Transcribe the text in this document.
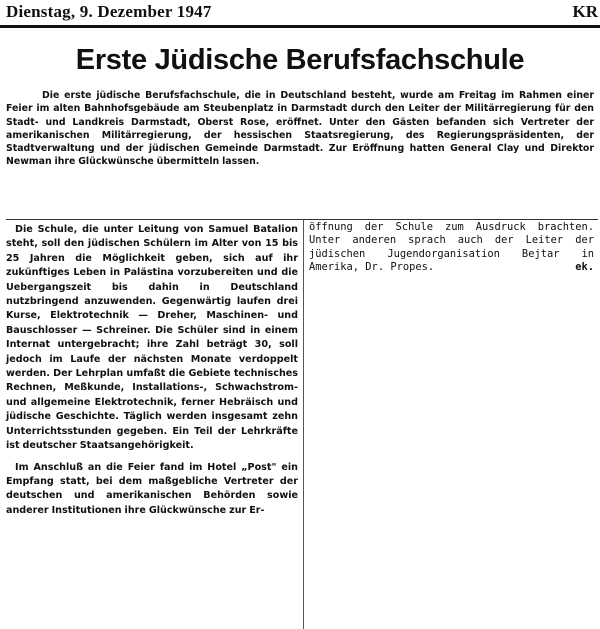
Dienstag, 9. Dezember 1947	KR
Erste Jüdische Berufsfachschule
Die erste jüdische Berufsfachschule, die in Deutschland besteht, wurde am Freitag im Rahmen einer Feier im alten Bahnhofsgebäude am Steubenplatz in Darmstadt durch den Leiter der Militärregierung für den Stadt- und Landkreis Darmstadt, Oberst Rose, eröffnet. Unter den Gästen befanden sich Vertreter der amerikanischen Militärregierung, der hessischen Staatsregierung, des Regierungspräsidenten, der Stadtverwaltung und der jüdischen Gemeinde Darmstadt. Zur Eröffnung hatten General Clay und Direktor Newman ihre Glückwünsche übermitteln lassen.

Die Schule, die unter Leitung von Samuel Batalion steht, soll den jüdischen Schülern im Alter von 15 bis 25 Jahren die Möglichkeit geben, sich auf ihr zukünftiges Leben in Palästina vorzubereiten und die Uebergangszeit bis dahin in Deutschland nutzbringend anzuwenden. Gegenwärtig laufen drei Kurse, Elektrotechnik — Dreher, Maschinen- und Bauschlosser — Schreiner. Die Schüler sind in einem Internat untergebracht; ihre Zahl beträgt 30, soll jedoch im Laufe der nächsten Monate verdoppelt werden. Der Lehrplan umfaßt die Gebiete technisches Rechnen, Meßkunde, Installations-, Schwachstrom- und allgemeine Elektrotechnik, ferner Hebräisch und jüdische Geschichte. Täglich werden insgesamt zehn Unterrichtsstunden gegeben. Ein Teil der Lehrkräfte ist deutscher Staatsangehörigkeit.

Im Anschluß an die Feier fand im Hotel „Post" ein Empfang statt, bei dem maßgebliche Vertreter der deutschen und amerikanischen Behörden sowie anderer Institutionen ihre Glückwünsche zur Er-

öffnung der Schule zum Ausdruck brachten. Unter anderen sprach auch der Leiter der jüdischen Jugendorganisation Bejtar in Amerika, Dr. Propes.	ek.
